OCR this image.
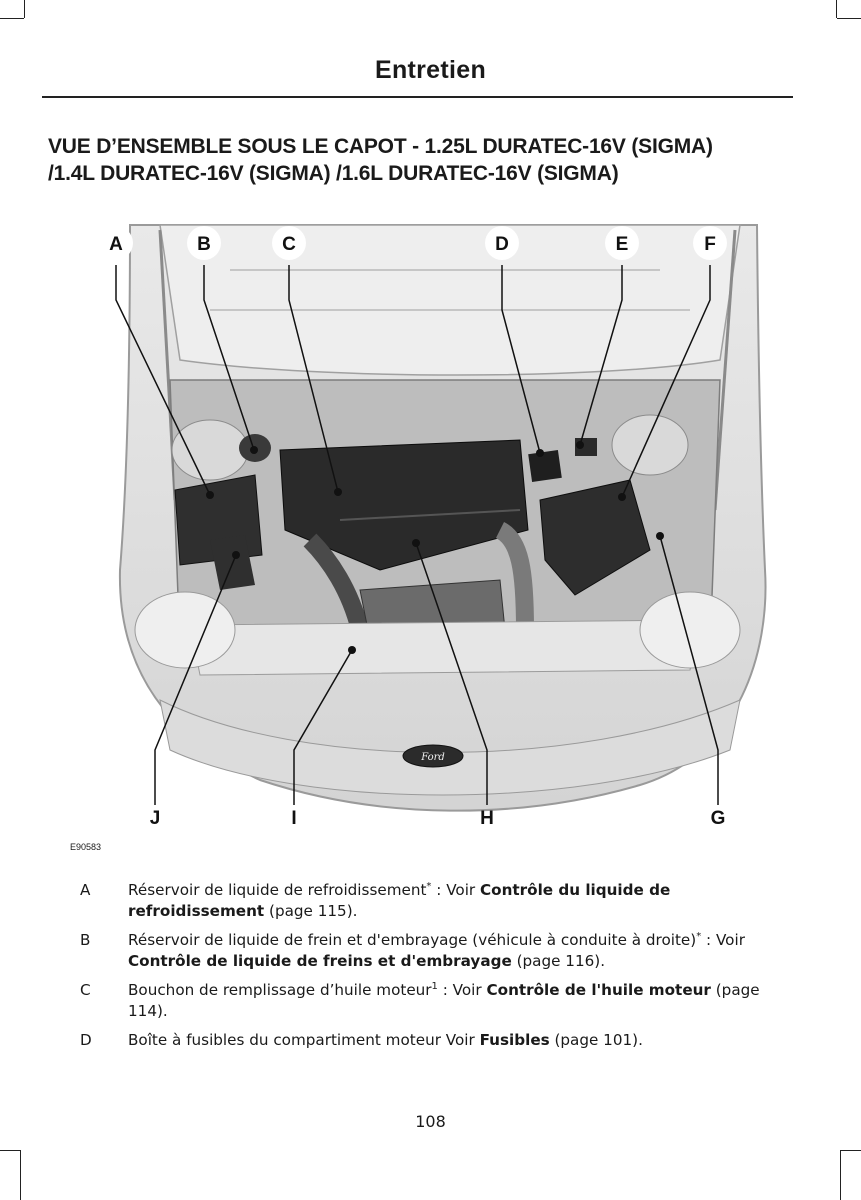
Entretien
VUE D’ENSEMBLE SOUS LE CAPOT - 1.25L DURATEC-16V (SIGMA)
/1.4L DURATEC-16V (SIGMA) /1.6L DURATEC-16V (SIGMA)
Ford
A	B	C	D	E	F
J	I	H	G
E90583
A	Réservoir de liquide de refroidissement* : Voir Contrôle du liquide de refroidissement (page 115).
B	Réservoir de liquide de frein et d'embrayage (véhicule à conduite à droite)* : Voir Contrôle de liquide de freins et d'embrayage (page 116).
C	Bouchon de remplissage d’huile moteur$^1$ : Voir Contrôle de l'huile moteur (page 114).
D	Boîte à fusibles du compartiment moteur Voir Fusibles (page 101).
108
